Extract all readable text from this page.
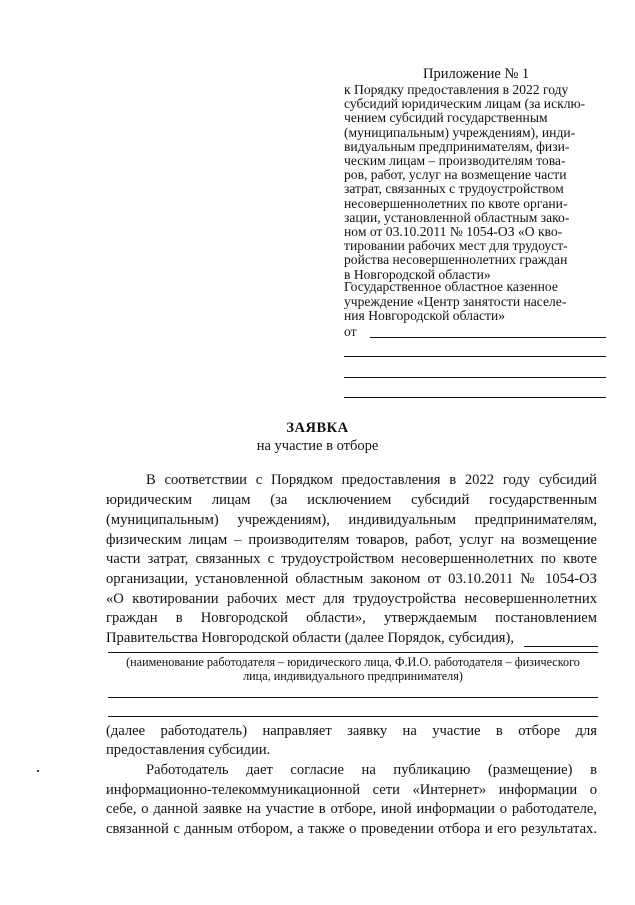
Приложение № 1
к Порядку предоставления в 2022 году
субсидий юридическим лицам (за исклю-
чением субсидий государственным
(муниципальным) учреждениям), инди-
видуальным предпринимателям, физи-
ческим лицам – производителям това-
ров, работ, услуг на возмещение части
затрат, связанных с трудоустройством
несовершеннолетних по квоте органи-
зации, установленной областным зако-
ном от 03.10.2011 № 1054-ОЗ «О кво-
тировании рабочих мест для трудоуст-
ройства несовершеннолетних граждан
в Новгородской области»
Государственное областное казенное
учреждение «Центр занятости населе-
ния Новгородской области»
от
ЗАЯВКА
на участие в отборе
В соответствии с Порядком предоставления в 2022 году субсидий
юридическим лицам (за исключением субсидий государственным
(муниципальным) учреждениям), индивидуальным предпринимателям,
физическим лицам – производителям товаров, работ, услуг на возмещение
части затрат, связанных с трудоустройством несовершеннолетних по квоте
организации, установленной областным законом от 03.10.2011 № 1054-ОЗ
«О квотировании рабочих мест для трудоустройства несовершеннолетних
граждан в Новгородской области», утверждаемым постановлением
Правительства Новгородской области (далее Порядок, субсидия),
(наименование работодателя – юридического лица, Ф.И.О. работодателя – физического
лица, индивидуального предпринимателя)
(далее работодатель) направляет заявку на участие в отборе для
предоставления субсидии.
Работодатель дает согласие на публикацию (размещение) в
информационно-телекоммуникационной сети «Интернет» информации о
себе, о данной заявке на участие в отборе, иной информации о работодателе,
связанной с данным отбором, а также о проведении отбора и его результатах.
